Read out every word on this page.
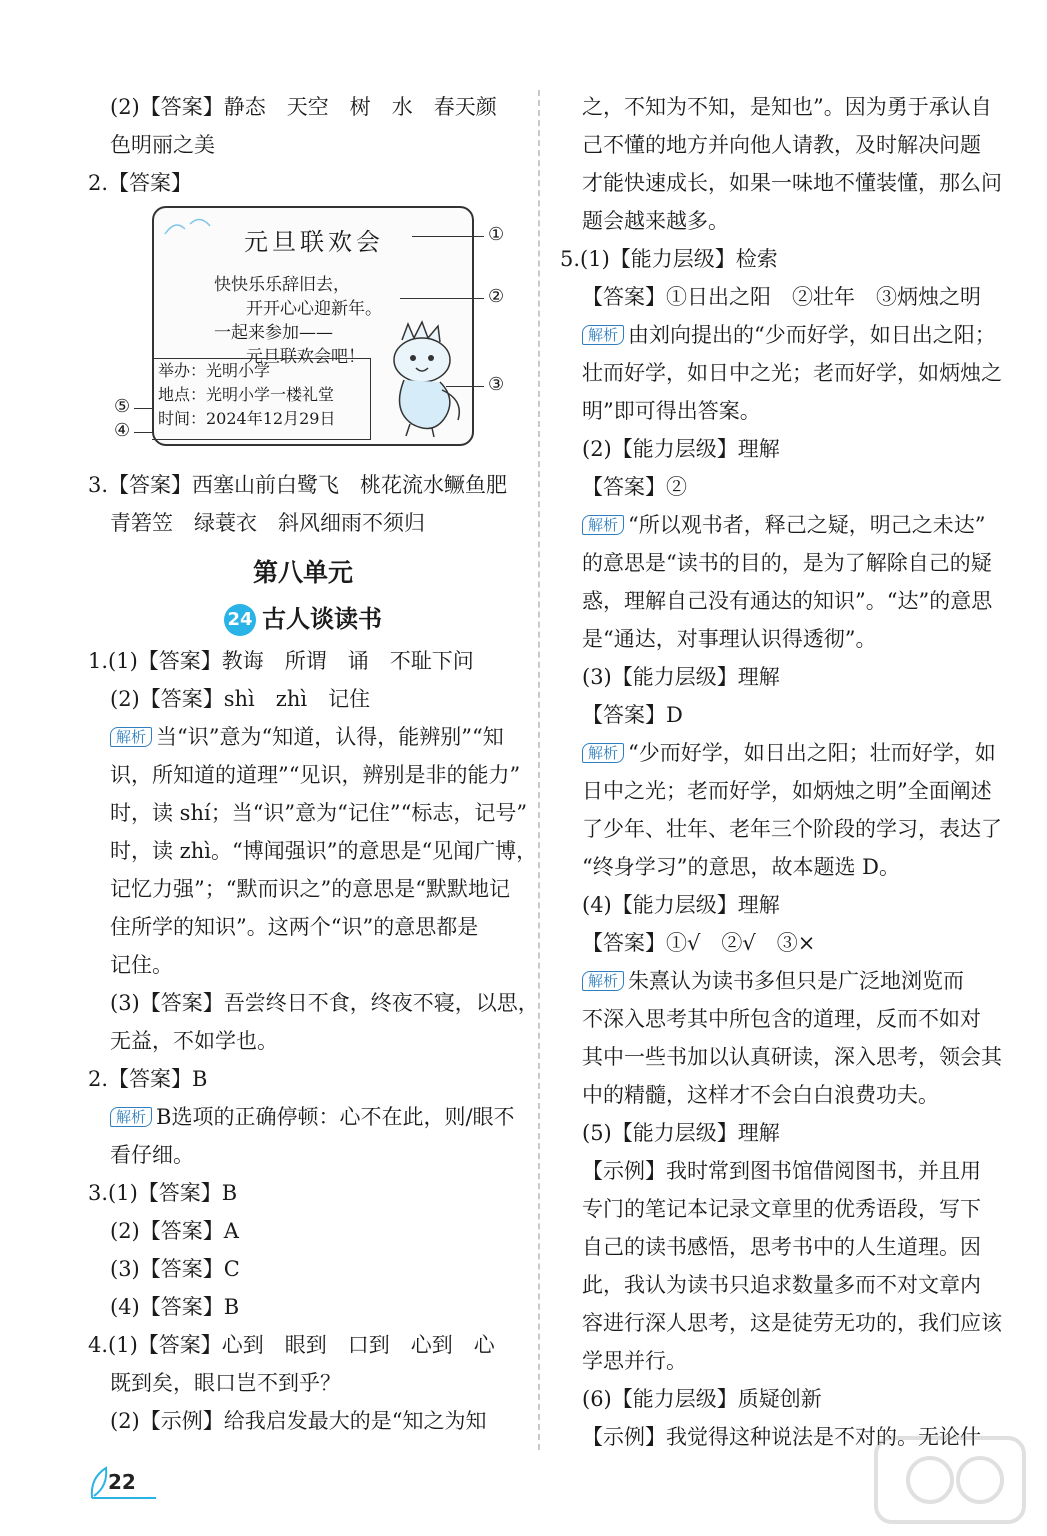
(2)【答案】静态　天空　树　水　春天颜
色明丽之美
2.【答案】
元旦联欢会
快快乐乐辞旧去，
开开心心迎新年。
一起来参加——
元旦联欢会吧！
举办：光明小学
地点：光明小学一楼礼堂
时间：2024年12月29日
①
②
③
⑤
④
3.【答案】西塞山前白鹭飞　桃花流水鳜鱼肥
青箬笠　绿蓑衣　斜风细雨不须归
第八单元
24 古人谈读书
1.(1)【答案】教诲　所谓　诵　不耻下问
(2)【答案】shì　zhì　记住
解析 当“识”意为“知道，认得，能辨别”“知
识，所知道的道理”“见识，辨别是非的能力”
时，读 shí；当“识”意为“记住”“标志，记号”
时，读 zhì。“博闻强识”的意思是“见闻广博，
记忆力强”；“默而识之”的意思是“默默地记
住所学的知识”。这两个“识”的意思都是
记住。
(3)【答案】吾尝终日不食，终夜不寝，以思，
无益，不如学也。
2.【答案】B
解析 B选项的正确停顿：心不在此，则/眼不
看仔细。
3.(1)【答案】B
(2)【答案】A
(3)【答案】C
(4)【答案】B
4.(1)【答案】心到　眼到　口到　心到　心
既到矣，眼口岂不到乎？
(2)【示例】给我启发最大的是“知之为知
之，不知为不知，是知也”。因为勇于承认自
己不懂的地方并向他人请教，及时解决问题
才能快速成长，如果一味地不懂装懂，那么问
题会越来越多。
5.(1)【能力层级】检索
【答案】①日出之阳　②壮年　③炳烛之明
解析 由刘向提出的“少而好学，如日出之阳；
壮而好学，如日中之光；老而好学，如炳烛之
明”即可得出答案。
(2)【能力层级】理解
【答案】②
解析 “所以观书者，释己之疑，明己之未达”
的意思是“读书的目的，是为了解除自己的疑
惑，理解自己没有通达的知识”。“达”的意思
是“通达，对事理认识得透彻”。
(3)【能力层级】理解
【答案】D
解析 “少而好学，如日出之阳；壮而好学，如
日中之光；老而好学，如炳烛之明”全面阐述
了少年、壮年、老年三个阶段的学习，表达了
“终身学习”的意思，故本题选 D。
(4)【能力层级】理解
【答案】①√　②√　③×
解析 朱熹认为读书多但只是广泛地浏览而
不深入思考其中所包含的道理，反而不如对
其中一些书加以认真研读，深入思考，领会其
中的精髓，这样才不会白白浪费功夫。
(5)【能力层级】理解
【示例】我时常到图书馆借阅图书，并且用
专门的笔记本记录文章里的优秀语段，写下
自己的读书感悟，思考书中的人生道理。因
此，我认为读书只追求数量多而不对文章内
容进行深人思考，这是徒劳无功的，我们应该
学思并行。
(6)【能力层级】质疑创新
【示例】我觉得这种说法是不对的。无论什
22
